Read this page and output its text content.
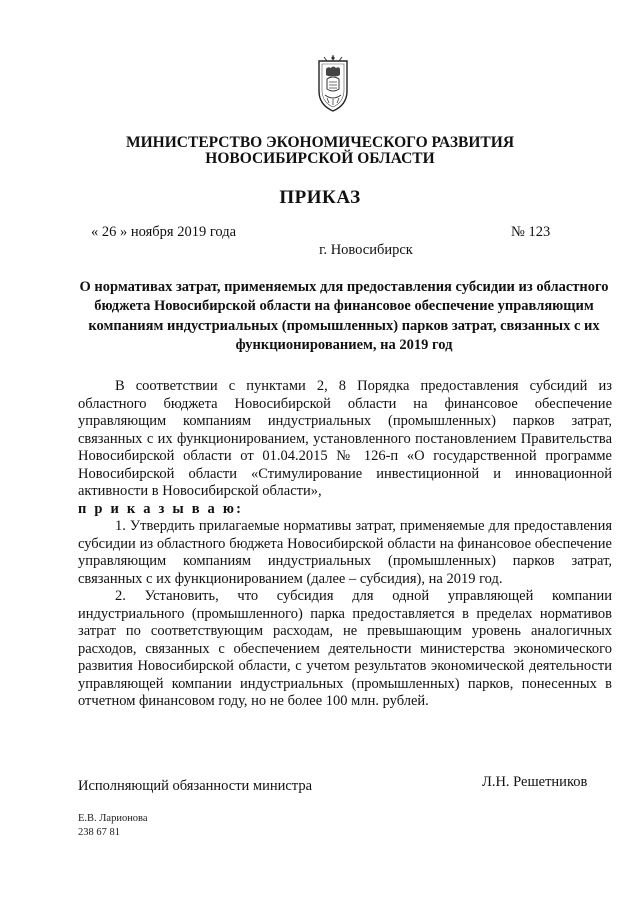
МИНИСТЕРСТВО ЭКОНОМИЧЕСКОГО РАЗВИТИЯ
НОВОСИБИРСКОЙ ОБЛАСТИ
ПРИКАЗ
« 26 » ноября 2019 года	№ 123
г. Новосибирск
О нормативах затрат, применяемых для предоставления субсидии из областного бюджета Новосибирской области на финансовое обеспечение управляющим компаниям индустриальных (промышленных) парков затрат, связанных с их функционированием, на 2019 год

В соответствии с пунктами 2, 8 Порядка предоставления субсидий из областного бюджета Новосибирской области на финансовое обеспечение управляющим компаниям индустриальных (промышленных) парков затрат, связанных с их функционированием, установленного постановлением Правительства Новосибирской области от 01.04.2015 № 126-п «О государственной программе Новосибирской области «Стимулирование инвестиционной и инновационной активности в Новосибирской области»,

п р и к а з ы в а ю:

1. Утвердить прилагаемые нормативы затрат, применяемые для предоставления субсидии из областного бюджета Новосибирской области на финансовое обеспечение управляющим компаниям индустриальных (промышленных) парков затрат, связанных с их функционированием (далее – субсидия), на 2019 год.

2. Установить, что субсидия для одной управляющей компании индустриального (промышленного) парка предоставляется в пределах нормативов затрат по соответствующим расходам, не превышающим уровень аналогичных расходов, связанных с обеспечением деятельности министерства экономического развития Новосибирской области, с учетом результатов экономической деятельности управляющей компании индустриальных (промышленных) парков, понесенных в отчетном финансовом году, но не более 100 млн. рублей.

Исполняющий обязанности министра	Л.Н. Решетников
Е.В. Ларионова
238 67 81
